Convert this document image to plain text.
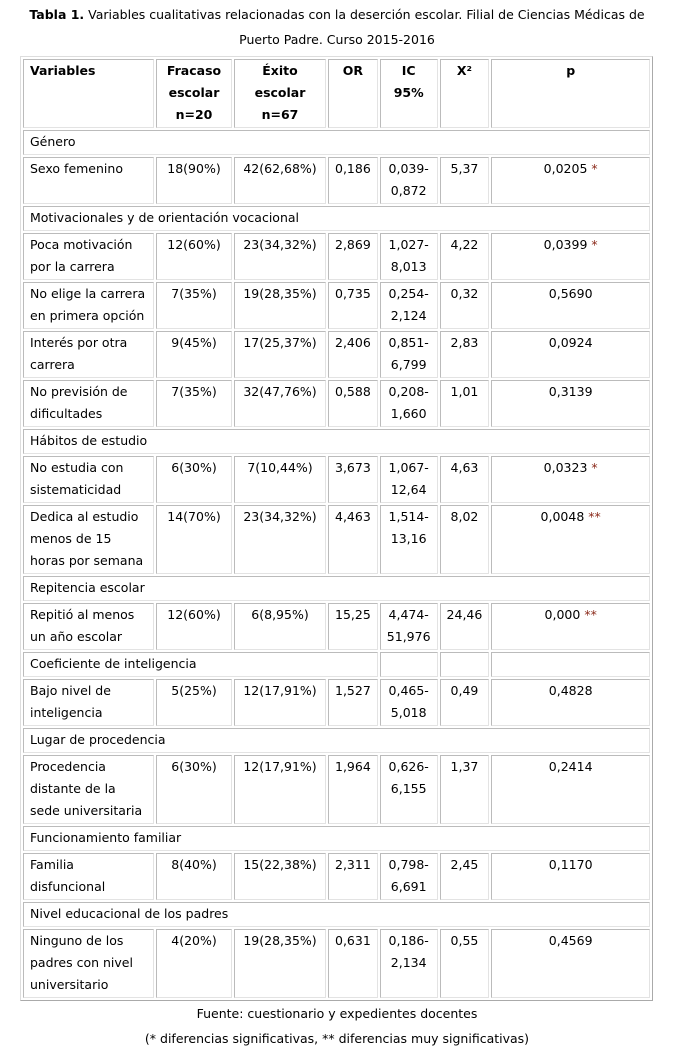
Tabla 1. Variables cualitativas relacionadas con la deserción escolar. Filial de Ciencias Médicas de Puerto Padre. Curso 2015-2016
Variables	Fracaso escolar n=20	Éxito escolar n=67	OR	IC 95%	X²	p
Género						
Sexo femenino	18(90%)	42(62,68%)	0,186	0,039-0,872	5,37	0,0205 *
Motivacionales y de orientación vocacional						
Poca motivación por la carrera	12(60%)	23(34,32%)	2,869	1,027-8,013	4,22	0,0399 *
No elige la carrera en primera opción	7(35%)	19(28,35%)	0,735	0,254-2,124	0,32	0,5690
Interés por otra carrera	9(45%)	17(25,37%)	2,406	0,851-6,799	2,83	0,0924
No previsión de dificultades	7(35%)	32(47,76%)	0,588	0,208-1,660	1,01	0,3139
Hábitos de estudio						
No estudia con sistematicidad	6(30%)	7(10,44%)	3,673	1,067-12,64	4,63	0,0323 *
Dedica al estudio menos de 15 horas por semana	14(70%)	23(34,32%)	4,463	1,514-13,16	8,02	0,0048 **
Repitencia escolar						
Repitió al menos un año escolar	12(60%)	6(8,95%)	15,25	4,474-51,976	24,46	0,000 **
Coeficiente de inteligencia						
Bajo nivel de inteligencia	5(25%)	12(17,91%)	1,527	0,465-5,018	0,49	0,4828
Lugar de procedencia						
Procedencia distante de la sede universitaria	6(30%)	12(17,91%)	1,964	0,626-6,155	1,37	0,2414
Funcionamiento familiar						
Familia disfuncional	8(40%)	15(22,38%)	2,311	0,798-6,691	2,45	0,1170
Nivel educacional de los padres						
Ninguno de los padres con nivel universitario	4(20%)	19(28,35%)	0,631	0,186-2,134	0,55	0,4569
Fuente: cuestionario y expedientes docentes
(* diferencias significativas, ** diferencias muy significativas)
